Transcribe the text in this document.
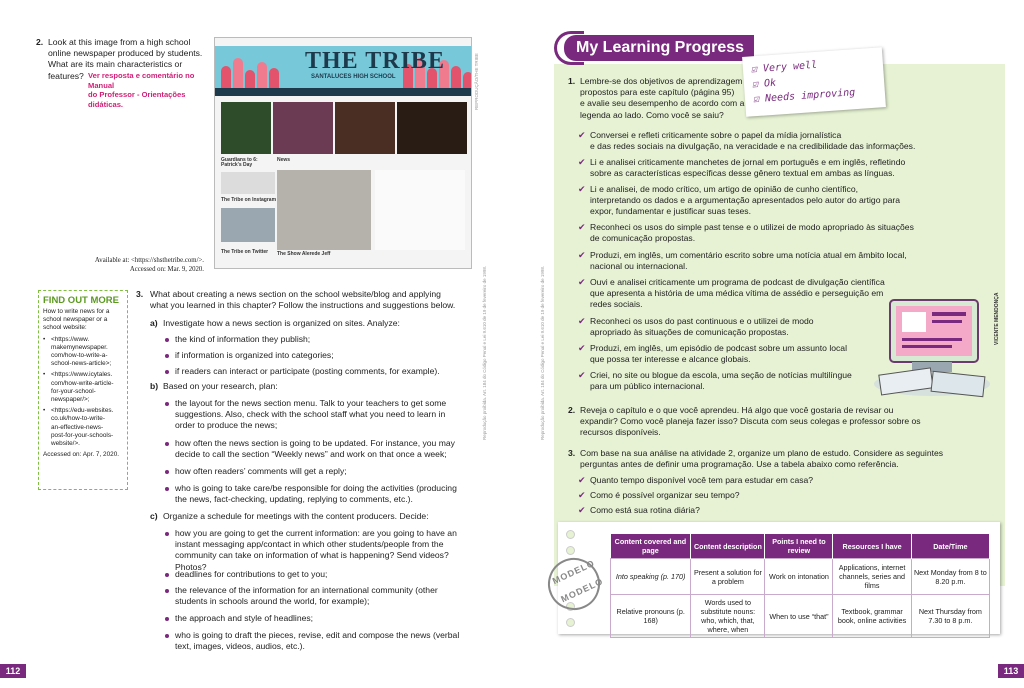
2. Look at this image from a high school
online newspaper produced by students.
What are its main characteristics or
features? Ver resposta e comentário no Manual
do Professor - Orientações didáticas.
THE TRIBE
SANTALUCES HIGH SCHOOL
Guardians to 6: Patrick's Day
News
The Tribe on Instagram
The Show Alerede Jeff
The Tribe on Twitter
REPRODUÇÃO/THE TRIBE
Available at: <https://shsthetribe.com/>.
Accessed on: Mar. 9, 2020.
FIND OUT MORE
How to write news for a
school newspaper or a
school website:
• <https://www.
makemynewspaper.
com/how-to-write-a-
school-news-article>;
• <https://www.icytales.
com/how-write-article-
for-your-school-
newspaper/>;
• <https://edu-websites.
co.uk/how-to-write-
an-effective-news-
post-for-your-schools-
website/>.
Accessed on: Apr. 7, 2020.
3. What about creating a news section on the school website/blog and applying
what you learned in this chapter? Follow the instructions and suggestions below.
a) Investigate how a news section is organized on sites. Analyze:
the kind of information they publish;
if information is organized into categories;
if readers can interact or participate (posting comments, for example).
b) Based on your research, plan:
the layout for the news section menu. Talk to your teachers to get some
suggestions. Also, check with the school staff what you need to learn in
order to produce the news;
how often the news section is going to be updated. For instance, you may
decide to call the section “Weekly news” and work on that once a week;
how often readers’ comments will get a reply;
who is going to take care/be responsible for doing the activities (producing
the news, fact-checking, updating, replying to comments, etc.).
c) Organize a schedule for meetings with the content producers. Decide:
how you are going to get the current information: are you going to have an
instant messaging app/contact in which other students/people from the
community can take on information of what is happening? Send videos? Photos?
deadlines for contributions to get to you;
the relevance of the information for an international community (other
students in schools around the world, for example);
the approach and style of headlines;
who is going to draft the pieces, revise, edit and compose the news (verbal
text, images, videos, audios, etc.).
Reprodução proibida. Art. 184 do Código Penal e Lei 9.610 de 19 de fevereiro de 1998.
112
Reprodução proibida. Art. 184 do Código Penal e Lei 9.610 de 19 de fevereiro de 1998.
My Learning Progress
☑ Very well
☑ Ok
☑ Needs improving
1. Lembre-se dos objetivos de aprendizagem
propostos para este capítulo (página 95)
e avalie seu desempenho de acordo com a
legenda ao lado. Como você se saiu?
✔ Conversei e refleti criticamente sobre o papel da mídia jornalística
e das redes sociais na divulgação, na veracidade e na credibilidade das informações.
✔ Li e analisei criticamente manchetes de jornal em português e em inglês, refletindo
sobre as características específicas desse gênero textual em ambas as línguas.
✔ Li e analisei, de modo crítico, um artigo de opinião de cunho científico,
interpretando os dados e a argumentação apresentados pelo autor do artigo para
expor, fundamentar e justificar suas teses.
✔ Reconheci os usos do simple past tense e o utilizei de modo apropriado às situações
de comunicação propostas.
✔ Produzi, em inglês, um comentário escrito sobre uma notícia atual em âmbito local,
nacional ou internacional.
✔ Ouvi e analisei criticamente um programa de podcast de divulgação científica
que apresenta a história de uma médica vítima de assédio e perseguição em
redes sociais.
✔ Reconheci os usos do past continuous e o utilizei de modo
apropriado às situações de comunicação propostas.
✔ Produzi, em inglês, um episódio de podcast sobre um assunto local
que possa ter interesse e alcance globais.
✔ Criei, no site ou blogue da escola, uma seção de notícias multilíngue
para um público internacional.
VICENTE MENDONÇA
2. Reveja o capítulo e o que você aprendeu. Há algo que você gostaria de revisar ou
expandir? Como você planeja fazer isso? Discuta com seus colegas e professor sobre os
recursos disponíveis.
3. Com base na sua análise na atividade 2, organize um plano de estudo. Considere as seguintes
perguntas antes de definir uma programação. Use a tabela abaixo como referência.
✔ Quanto tempo disponível você tem para estudar em casa?
✔ Como é possível organizar seu tempo?
✔ Como está sua rotina diária?
MODELO
MODELO
Content covered and page	Content description	Points I need to review	Resources I have	Date/Time
Into speaking (p. 170)	Present a solution for a problem	Work on intonation	Applications, internet channels, series and films	Next Monday from 8 to 8.20 p.m.
Relative pronouns (p. 168)	Words used to substitute nouns: who, which, that, where, when	When to use “that”	Textbook, grammar book, online activities	Next Thursday from 7.30 to 8 p.m.
113
